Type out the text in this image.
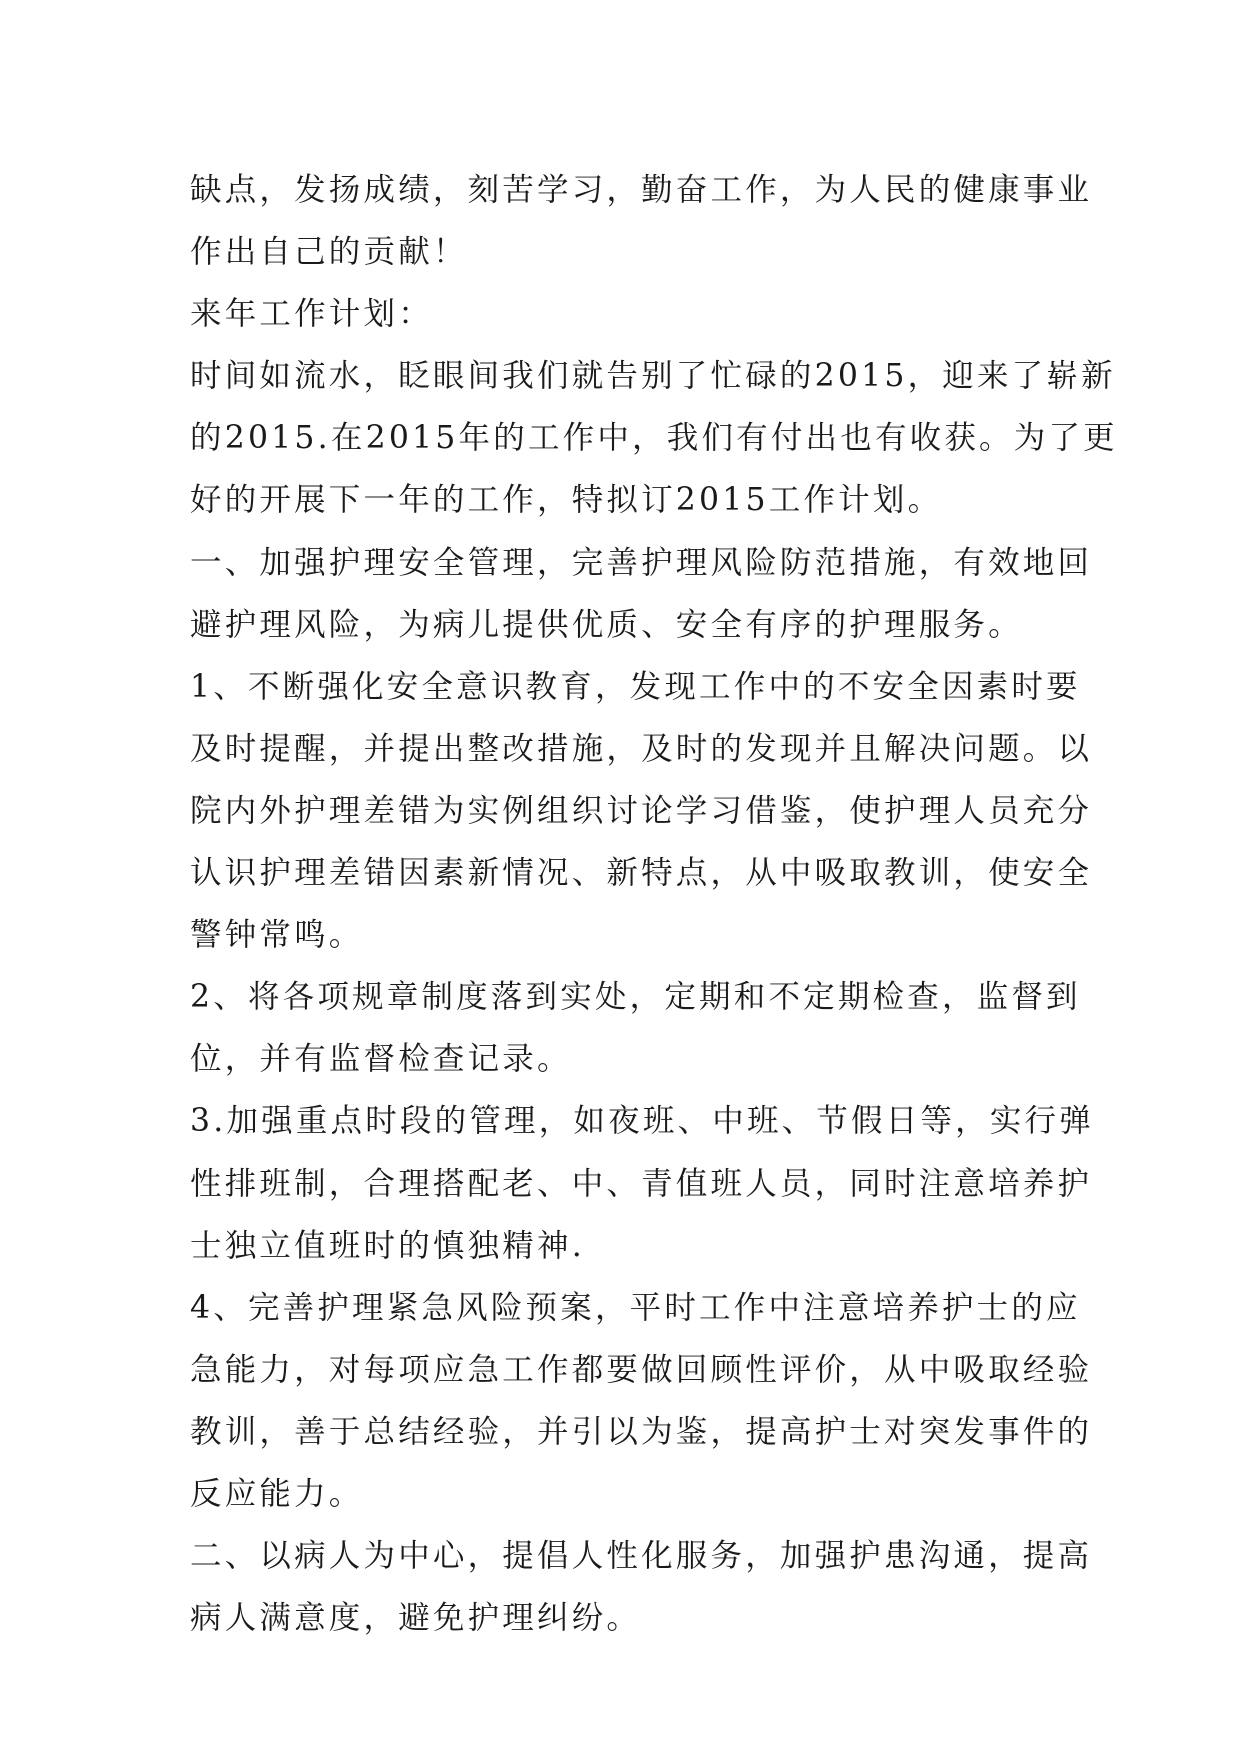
缺点，发扬成绩，刻苦学习，勤奋工作，为人民的健康事业
作出自己的贡献！

来年工作计划：

时间如流水，眨眼间我们就告别了忙碌的2015，迎来了崭新
的2015.在2015年的工作中，我们有付出也有收获。为了更
好的开展下一年的工作，特拟订2015工作计划。

一、加强护理安全管理，完善护理风险防范措施，有效地回
避护理风险，为病儿提供优质、安全有序的护理服务。

1、不断强化安全意识教育，发现工作中的不安全因素时要
及时提醒，并提出整改措施，及时的发现并且解决问题。以
院内外护理差错为实例组织讨论学习借鉴，使护理人员充分
认识护理差错因素新情况、新特点，从中吸取教训，使安全
警钟常鸣。

2、将各项规章制度落到实处，定期和不定期检查，监督到
位，并有监督检查记录。

3.加强重点时段的管理，如夜班、中班、节假日等，实行弹
性排班制，合理搭配老、中、青值班人员，同时注意培养护
士独立值班时的慎独精神.

4、完善护理紧急风险预案，平时工作中注意培养护士的应
急能力，对每项应急工作都要做回顾性评价，从中吸取经验
教训，善于总结经验，并引以为鉴，提高护士对突发事件的
反应能力。

二、以病人为中心，提倡人性化服务，加强护患沟通，提高
病人满意度，避免护理纠纷。
